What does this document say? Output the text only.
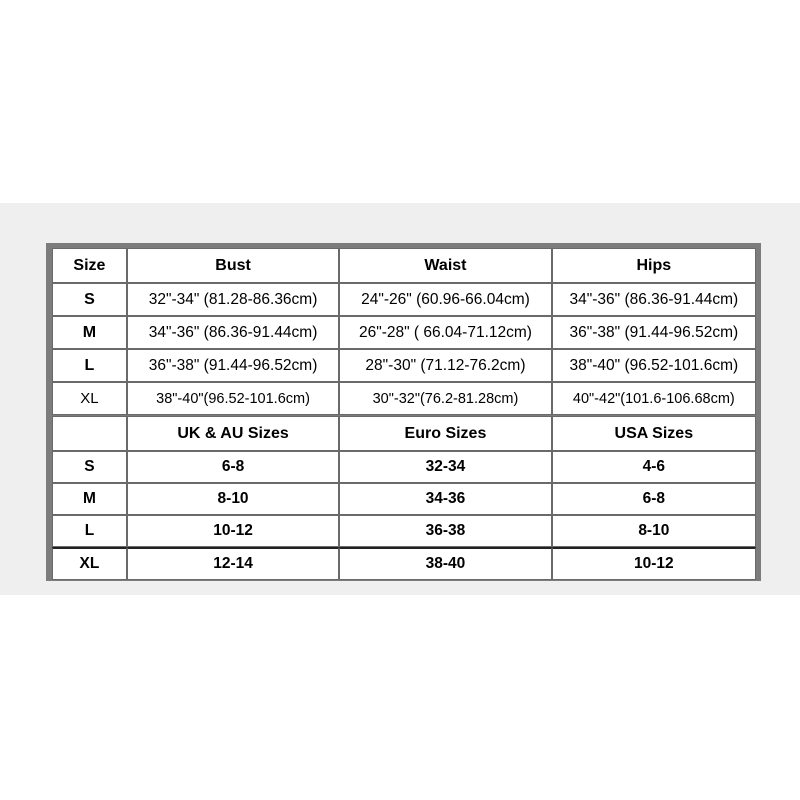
Size	Bust	Waist	Hips
S	32"-34" (81.28-86.36cm)	24"-26" (60.96-66.04cm)	34"-36" (86.36-91.44cm)
M	34"-36" (86.36-91.44cm)	26"-28" ( 66.04-71.12cm)	36"-38" (91.44-96.52cm)
L	36"-38" (91.44-96.52cm)	28"-30" (71.12-76.2cm)	38"-40" (96.52-101.6cm)
XL	38"-40"(96.52-101.6cm)	30"-32"(76.2-81.28cm)	40"-42"(101.6-106.68cm)
	UK & AU Sizes	Euro Sizes	USA Sizes
S	6-8	32-34	4-6
M	8-10	34-36	6-8
L	10-12	36-38	8-10
XL	12-14	38-40	10-12
